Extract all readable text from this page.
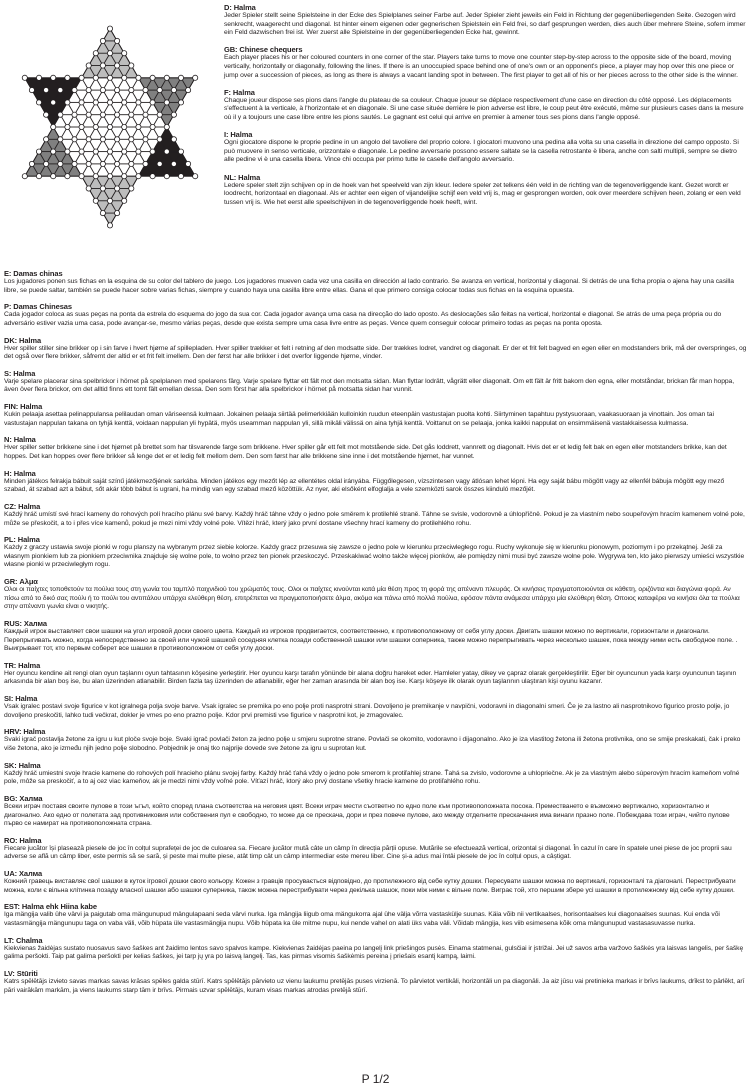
D: Halma

Jeder Spieler stellt seine Spielsteine in der Ecke des Spielplanes seiner Farbe auf. Jeder Spieler zieht jeweils ein Feld in Richtung der gegenüberliegenden Seite. Gezogen wird senkrecht, waagerecht und diagonal. Ist hinter einem eigenen oder gegnerischen Spielstein ein Feld frei, so darf gesprungen werden, dies auch über mehrere Steine, sofern immer ein Feld dazwischen frei ist. Wer zuerst alle Spielsteine in der gegenüberliegenden Ecke hat, gewinnt.

GB: Chinese chequers

Each player places his or her coloured counters in one corner of the star. Players take turns to move one counter step-by-step across to the opposite side of the board, moving vertically, horizontally or diagonally, following the lines. If there is an unoccupied space behind one of one's own or an opponent's piece, a player may hop over this one piece or jump over a succession of pieces, as long as there is always a vacant landing spot in between. The first player to get all of his or her pieces across to the other side is the winner.

F: Halma

Chaque joueur dispose ses pions dans l'angle du plateau de sa couleur. Chaque joueur se déplace respectivement d'une case en direction du côté opposé. Les déplacements s'effectuent à la verticale, à l'horizontale et en diagonale. Si une case située derrière le pion adverse est libre, le coup peut être exécuté, même sur plusieurs cases dans la mesure où il y a toujours une case libre entre les pions sautés. Le gagnant est celui qui arrive en premier à amener tous ses pions dans l'angle opposé.

I: Halma

Ogni giocatore dispone le proprie pedine in un angolo del tavoliere del proprio colore. I giocatori muovono una pedina alla volta su una casella in direzione del campo opposto. Si può muovere in senso verticale, orizzontale e diagonale. Le pedine avversarie possono essere saltate se la casella retrostante è libera, anche con salti multipli, sempre se dietro alle pedine vi è una casella libera. Vince chi occupa per primo tutte le caselle dell'angolo avversario.

NL: Halma

Ledere speler stelt zijn schijven op in de hoek van het speelveld van zijn kleur. Iedere speler zet telkens één veld in de richting van de tegenoverliggende kant. Gezet wordt er loodrecht, horizontaal en diagonaal. Als er achter een eigen of vijandelijke schijf een veld vrij is, mag er gesprongen worden, ook over meerdere schijven heen, zolang er een veld tussen vrij is. Wie het eerst alle speelschijven in de tegenoverliggende hoek heeft, wint.

E: Damas chinas

Los jugadores ponen sus fichas en la esquina de su color del tablero de juego. Los jugadores mueven cada vez una casilla en dirección al lado contrario. Se avanza en vertical, horizontal y diagonal. Si detrás de una ficha propia o ajena hay una casilla libre, se puede saltar, también se puede hacer sobre varias fichas, siempre y cuando haya una casilla libre entre ellas. Gana el que primero consiga colocar todas sus fichas en la esquina opuesta.

P: Damas Chinesas

Cada jogador coloca as suas peças na ponta da estrela do esquema do jogo da sua cor. Cada jogador avança uma casa na direcção do lado oposto. As deslocações são feitas na vertical, horizontal e diagonal. Se atrás de uma peça própria ou do adversário estiver vazia uma casa, pode avançar-se, mesmo várias peças, desde que exista sempre uma casa livre entre as peças. Vence quem conseguir colocar primeiro todas as peças na ponta oposta.

DK: Halma

Hver spiller stiller sine brikker op i sin farve i hvert hjørne af spillepladen. Hver spiller trækker et felt i retning af den modsatte side. Der trækkes lodret, vandret og diagonalt. Er der et frit felt bagved en egen eller en modstanders brik, må der overspringes, og det også over flere brikker, såfremt der altid er et frit felt imellem. Den der først har alle brikker i det overfor liggende hjørne, vinder.

S: Halma

Varje spelare placerar sina spelbrickor i hörnet på spelplanen med spelarens färg. Varje spelare flyttar ett fält mot den motsatta sidan. Man flyttar lodrätt, vågrätt eller diagonalt. Om ett fält är fritt bakom den egna, eller motståndar, brickan får man hoppa, även över flera brickor, om det alltid finns ett tomt fält emellan dessa. Den som först har alla spelbrickor i hörnet på motsatta sidan har vunnit.

FIN: Halma

Kukin pelaaja asettaa pelinappulansa pelilaudan oman väriseensä kulmaan. Jokainen pelaaja siirtää pelimerkkiään kulloinkin ruudun eteenpäin vastustajan puolta kohti. Siirtyminen tapahtuu pystysuoraan, vaakasuoraan ja vinottain. Jos oman tai vastustajan nappulan takana on tyhjä kenttä, voidaan nappulan yli hypätä, myös useamman nappulan yli, sillä mikäli välissä on aina tyhjä kenttä. Voittanut on se pelaaja, jonka kaikki nappulat on ensimmäisenä vastakkaisessa kulmassa.

N: Halma

Hver spiller setter brikkene sine i det hjørnet på brettet som har tilsvarende farge som brikkene. Hver spiller går ett felt mot motstående side. Det gås loddrett, vannrett og diagonalt. Hvis det er et ledig felt bak en egen eller motstanders brikke, kan det hoppes. Det kan hoppes over flere brikker så lenge det er et ledig felt mellom dem. Den som først har alle brikkene sine inne i det motstående hjørnet, har vunnet.

H: Halma

Minden játékos felrakja bábuit saját színű játékmezőjének sarkába. Minden játékos egy mezőt lép az ellentétes oldal irányába. Függőlegesen, vízszintesen vagy átlósan lehet lépni. Ha egy saját bábu mögött vagy az ellenfél bábuja mögött egy mező szabad, át szabad azt a bábut, sőt akár több bábut is ugrani, ha mindig van egy szabad mező közöttük. Az nyer, aki elsőként elfoglalja a vele szemközti sarok összes kiinduló mezőjét.

CZ: Halma

Každý hráč umístí své hrací kameny do rohových polí hracího plánu své barvy. Každý hráč táhne vždy o jedno pole směrem k protilehlé straně. Táhne se svisle, vodorovně a úhlopříčně. Pokud je za vlastním nebo soupeřovým hracím kamenem volné pole, může se přeskočit, a to i přes více kamenů, pokud je mezi nimi vždy volné pole. Vítězí hráč, který jako první dostane všechny hrací kameny do protilehlého rohu.

PL: Halma

Każdy z graczy ustawia swoje pionki w rogu planszy na wybranym przez siebie kolorze. Każdy gracz przesuwa się zawsze o jedno pole w kierunku przeciwległego rogu. Ruchy wykonuje się w kierunku pionowym, poziomym i po przekątnej. Jeśli za własnym pionkiem lub za pionkiem przeciwnika znajduje się wolne pole, to wolno przez ten pionek przeskoczyć. Przeskakiwać wolno także więcej pionków, ale pomiędzy nimi musi być zawsze wolne pole. Wygrywa ten, kto jako pierwszy umieści wszystkie własne pionki w przeciwległym rogu.

GR: Αλμα

Ολοι οι παίχτες τοποθετούν τα πούλια τους στη γωνία του ταμπλό παιχνιδιού του χρώματός τους. Ολοι οι παίχτες κινούνται κατά μία θέση προς τη φορά της απέναντι πλευράς. Οι κινήσεις πραγματοποιούνται σε κάθετη, οριζόντια και διαγώνια φορά. Αν πίσω από το δικό σας πούλι ή το πούλι του αντιπάλου υπάρχει ελεύθερη θέση, επιτρέπεται να πραγματοποιήσετε άλμα, ακόμα και πάνω από πολλά πούλια, εφόσον πάντα ανάμεσα υπάρχει μία ελεύθερη θέση. Οποιος καταφέρει να κινήσει όλα τα πούλια στην απέναντι γωνία είναι ο νικητής.

RUS: Халма

Каждый игрок выставляет свои шашки на угол игровой доски своего цвета. Каждый из игроков продвигается, соответственно, к противоположному от себя углу доски. Двигать шашки можно по вертикали, горизонтали и диагонали. Перепрыгивать можно, когда непосредственно за своей или чужой шашкой соседняя клетка позади собственной шашки или шашки соперника, также можно перепрыгивать через несколько шашек, пока между ними есть свободное поле. . Выигрывает тот, кто первым соберет все шашки в противоположном от себя углу доски.

TR: Halma

Her oyuncu kendine ait rengi olan oyun taşlarını oyun tahtasının köşesine yerleştirir. Her oyuncu karşı tarafın yönünde bir alana doğru hareket eder. Hamleler yatay, dikey ve çapraz olarak gerçekleştirilir. Eğer bir oyuncunun yada karşı oyuncunun taşının arkasında bir alan boş ise, bu alan üzerinden atlanabilir. Birden fazla taş üzerinden de atlanabilir, eğer her zaman arasında bir alan boş ise. Karşı köşeye ilk olarak oyun taşlarının ulaştıran kişi oyunu kazanır.

SI: Halma

Vsak igralec postavi svoje figurice v kot igralnega polja svoje barve. Vsak igralec se premika po eno polje proti nasprotni strani. Dovoljeno je premikanje v navpični, vodoravni in diagonalni smeri. Če je za lastno ali nasprotnikovo figurico prosto polje, jo dovoljeno preskočiti, lahko tudi večkrat, dokler je vmes po eno prazno polje. Kdor prvi premisti vse figurice v nasprotni kot, je zmagovalec.

HRV: Halma

Svaki igrač postavlja žetone za igru u kut ploče svoje boje. Svaki igrač povlači žeton za jedno polje u smjeru suprotne strane. Povlači se okomito, vodoravno i dijagonalno. Ako je iza vlastitog žetona ili žetona protivnika, ono se smije preskakati, čak i preko više žetona, ako je između njih jedno polje slobodno. Pobjednik je onaj tko najprije dovede sve žetone za igru u suprotan kut.

SK: Halma

Každý hráč umiestni svoje hracie kamene do rohových polí hracieho plánu svojej farby. Každý hráč ťahá vždy o jedno pole smerom k protiľahlej strane. Ťahá sa zvislo, vodorovne a uhlopriečne. Ak je za vlastným alebo súperovým hracím kameňom voľné pole, môže sa preskočiť, a to aj cez viac kameňov, ak je medzi nimi vždy voľné pole. Víťazí hráč, ktorý ako prvý dostane všetky hracie kamene do protiľahlého rohu.

BG: Халма

Всеки играч поставя своите пулове в този ъгъл, който според плана съответства на неговия цвят. Всеки играч мести съответно по едно поле към противоположната посока. Преместването е възможно вертикално, хоризонтално и диагонално. Ако едно от полетата зад противниковия или собствения пул е свободно, то може да се прескача, дори и през повече пулове, ако между отделните прескачания има винаги празно поле. Побеждава този играч, чийто пулове първо се намират на противоположната страна.

RO: Halma

Fiecare jucător își plasează piesele de joc în colțul suprafeței de joc de culoarea sa. Fiecare jucător mută câte un câmp în direcția părții opuse. Mutările se efectuează vertical, orizontal și diagonal. În cazul în care în spatele unei piese de joc proprii sau adverse se află un câmp liber, este permis să se sară, și peste mai multe piese, atât timp cât un câmp intermediar este mereu liber. Cine și-a adus mai întâi piesele de joc în colțul opus, a câștigat.

UA: Халма

Кожний гравець виставляє свої шашки в куток ігрової дошки свого кольору. Кожен з гравців просувається відповідно, до протилежного від себе кутку дошки. Пересувати шашки можна по вертикалі, горизонталі та діагоналі. Перестрибувати можна, коли є вільна клітинка позаду власної шашки або шашки суперника, також можна перестрибувати через декілька шашок, поки між ними є вільне поле. Виграє той, хто першим збере усі шашки в протилежному від себе кутку дошки.

EST: Halma ehk Hiina kabe

Iga mängija valib ühe värvi ja paigutab oma mängunupud mängulapaani seda värvi nurka. Iga mängija liigub oma mängukorra ajal ühe välja võrra vastaskülje suunas. Käia võib nii vertikaalses, horisontaalses kui diagonaalses suunas. Kui enda või vastasmängija mängunupu taga on vaba väli, võib hüpata üle vastasmängija nupu. Võib hüpata ka üle mitme nupu, kui nende vahel on alati üks vaba väli. Võidab mängija, kes viib esimesena kõik oma mängunupud vastasasuvasse nurka.

LT: Chalma

Kiekvienas žaidėjas sustato nuosavus savo šaškes ant žaidimo lentos savo spalvos kampe. Kiekvienas žaidėjas paeina po langelį link priešingos pusės. Einama statmenai, gulsčiai ir įstrižai. Jei už savos arba varžovo šaškės yra laisvas langelis, per šaškę galima peršokti. Taip pat galima peršokti per kelias šaškes, jei tarp jų yra po laisvą langelį. Tas, kas pirmas visomis šaškėmis pereina į priešais esantį kampą, laimi.

LV: Stūriti

Katrs spēlētājs izvieto savas markas savas krāsas spēles galda stūrī. Katrs spēlētājs pārvieto uz vienu laukumu pretējās puses virzienā. To pārvietot vertikāli, horizontāli un pa diagonāli. Ja aiz jūsu vai pretinieka markas ir brīvs laukums, drīkst to pārlēkt, arī pāri vairākām markām, ja viens laukums starp tām ir brīvs. Pirmais uzvar spēlētājs, kuram visas markas atrodas pretējā stūrī.

P 1/2
